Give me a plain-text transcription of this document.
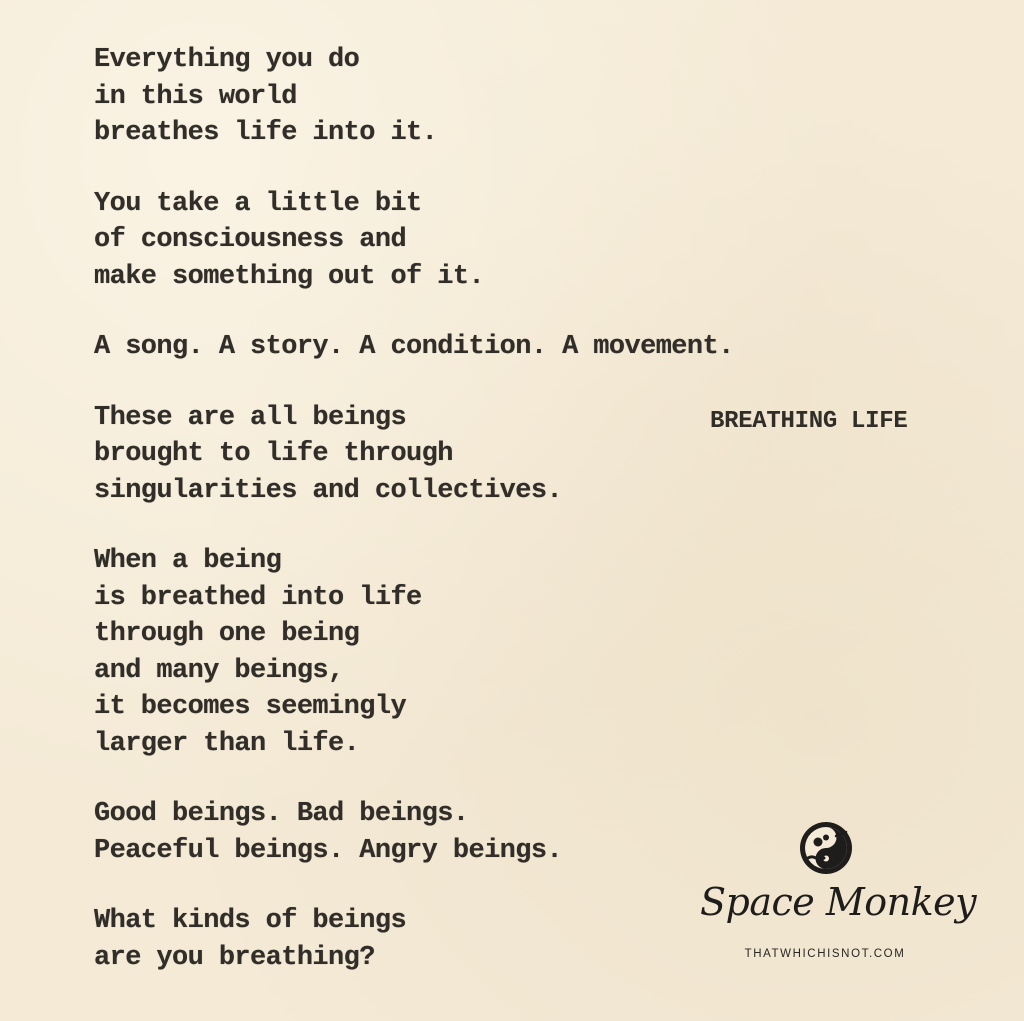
Everything you do
in this world
breathes life into it.
You take a little bit
of consciousness and
make something out of it.
A song. A story. A condition. A movement.
These are all beings
brought to life through
singularities and collectives.
When a being
is breathed into life
through one being
and many beings,
it becomes seemingly
larger than life.
Good beings. Bad beings.
Peaceful beings. Angry beings.
What kinds of beings
are you breathing?
BREATHING LIFE
Space Monkey
THATWHICHISNOT.COM
